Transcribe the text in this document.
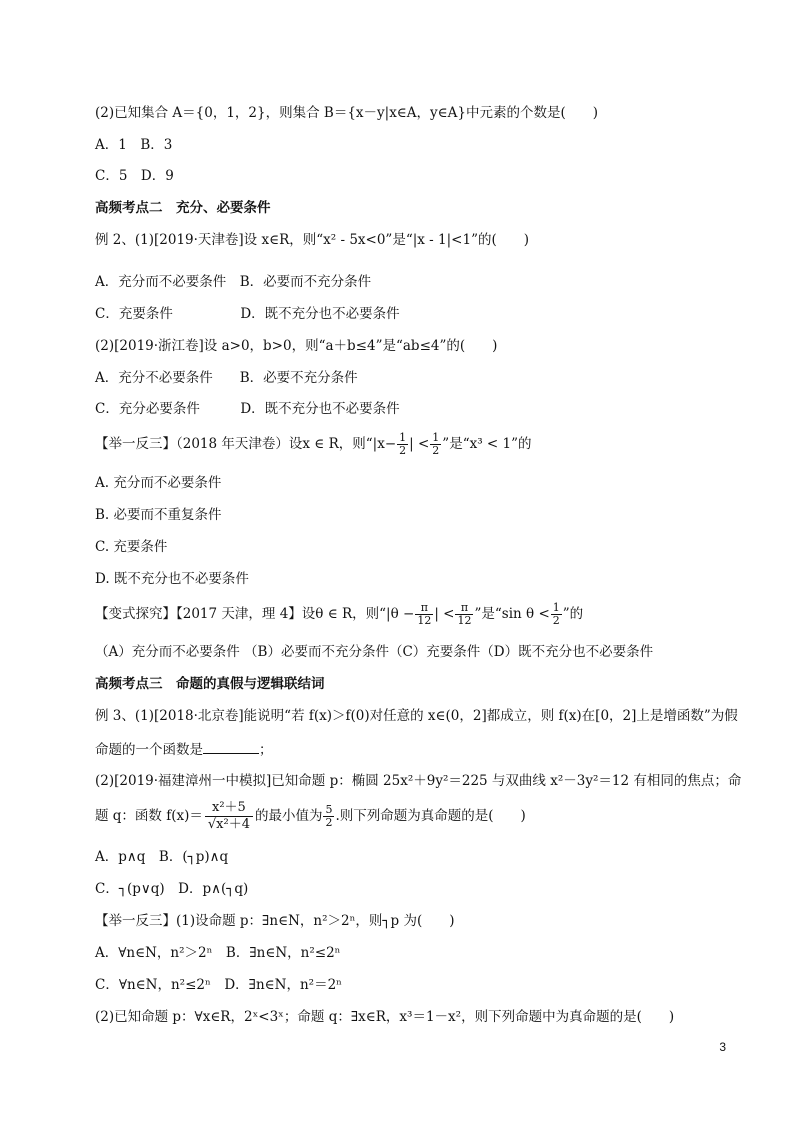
(2)已知集合 A＝{0，1，2}，则集合 B＝{x－y|x∈A，y∈A}中元素的个数是(　　)
A．1　B．3
C．5　D．9
高频考点二　充分、必要条件
例 2、(1)[2019·天津卷]设 x∈R，则“x² - 5x<0”是“|x - 1|<1”的(　　)
A．充分而不必要条件　B．必要而不充分条件
C．充要条件　　　　　D．既不充分也不必要条件
(2)[2019·浙江卷]设 a>0，b>0，则“a＋b≤4”是“ab≤4”的(　　)
A．充分不必要条件　　B．必要不充分条件
C．充分必要条件　　　D．既不充分也不必要条件
【举一反三】（2018 年天津卷）设x ∈ R，则“$|x- \frac{1}{2}$ | < $\frac{1}{2}$ ”是“x³ < 1”的
A. 充分而不必要条件
B. 必要而不重复条件
C. 充要条件
D. 既不充分也不必要条件
【变式探究】【2017 天津，理 4】设θ ∈ R，则“$|\theta - \frac{\pi}{12}$ | < $\frac{\pi}{12}$ ”是“sin $\theta < \frac{1}{2}$ ”的
（A）充分而不必要条件 （B）必要而不充分条件（C）充要条件（D）既不充分也不必要条件
高频考点三　命题的真假与逻辑联结词
例 3、(1)[2018·北京卷]能说明“若 f(x)＞f(0)对任意的 x∈(0，2]都成立，则 f(x)在[0，2]上是增函数”为假
命题的一个函数是	；
(2)[2019·福建漳州一中模拟]已知命题 p：椭圆 25x²＋9y²＝225 与双曲线 x²－3y²＝12 有相同的焦点；命
题 q：函数 $f(x)= \frac{\text{x²＋5}}{\text{√x²＋4}}$ 的最小值为 $\frac{5}{2}$ .则下列命题为真命题的是(　　)
A．p∧q　B．(┐p)∧q
C．┐(p∨q)　D．p∧(┐q)
【举一反三】(1)设命题 p：∃n∈N，n²＞2ⁿ，则┐p 为(　　)
A．∀n∈N，n²＞2ⁿ　B．∃n∈N，n²≤2ⁿ
C．∀n∈N，n²≤2ⁿ　D．∃n∈N，n²＝2ⁿ
(2)已知命题 p：∀x∈R，2ˣ<3ˣ；命题 q：∃x∈R，x³＝1－x²，则下列命题中为真命题的是(　　)
3
